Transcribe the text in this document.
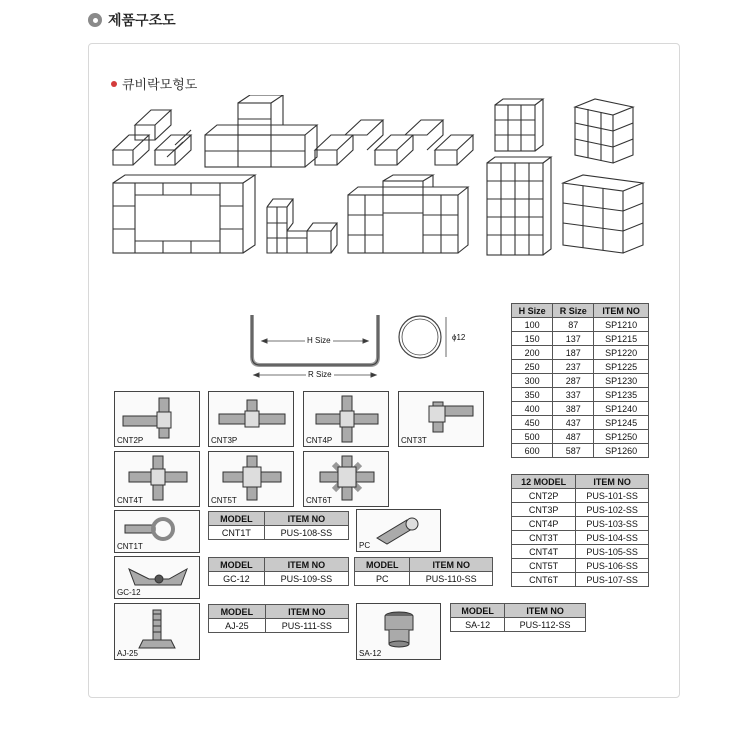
제품구조도
큐비락모형도
H Size
R Size
ϕ12
H Size	R Size	ITEM NO
100	87	SP1210
150	137	SP1215
200	187	SP1220
250	237	SP1225
300	287	SP1230
350	337	SP1235
400	387	SP1240
450	437	SP1245
500	487	SP1250
600	587	SP1260
12 MODEL	ITEM NO
CNT2P	PUS-101-SS
CNT3P	PUS-102-SS
CNT4P	PUS-103-SS
CNT3T	PUS-104-SS
CNT4T	PUS-105-SS
CNT5T	PUS-106-SS
CNT6T	PUS-107-SS
CNT2P	CNT3P	CNT4P	CNT3T
CNT4T	CNT5T	CNT6T
CNT1T
MODEL	ITEM NO
CNT1T	PUS-108-SS
PC
GC-12
MODEL	ITEM NO
GC-12	PUS-109-SS
MODEL	ITEM NO
PC	PUS-110-SS
AJ-25
MODEL	ITEM NO
AJ-25	PUS-111-SS
SA-12
MODEL	ITEM NO
SA-12	PUS-112-SS
